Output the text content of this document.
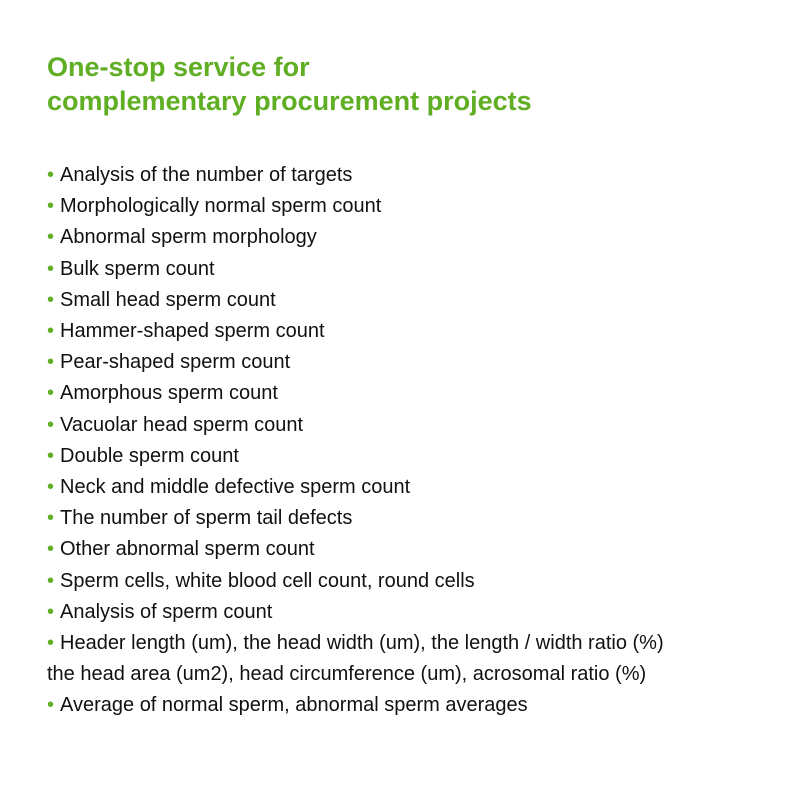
One-stop service for
complementary procurement projects
• Analysis of the number of targets
• Morphologically normal sperm count
• Abnormal sperm morphology
• Bulk sperm count
• Small head sperm count
• Hammer-shaped sperm count
• Pear-shaped sperm count
• Amorphous sperm count
• Vacuolar head sperm count
• Double sperm count
• Neck and middle defective sperm count
• The number of sperm tail defects
• Other abnormal sperm count
• Sperm cells, white blood cell count, round cells
• Analysis of sperm count
• Header length (um), the head width (um), the length / width ratio (%)
the head area (um2), head circumference (um), acrosomal ratio (%)
• Average of normal sperm, abnormal sperm averages
